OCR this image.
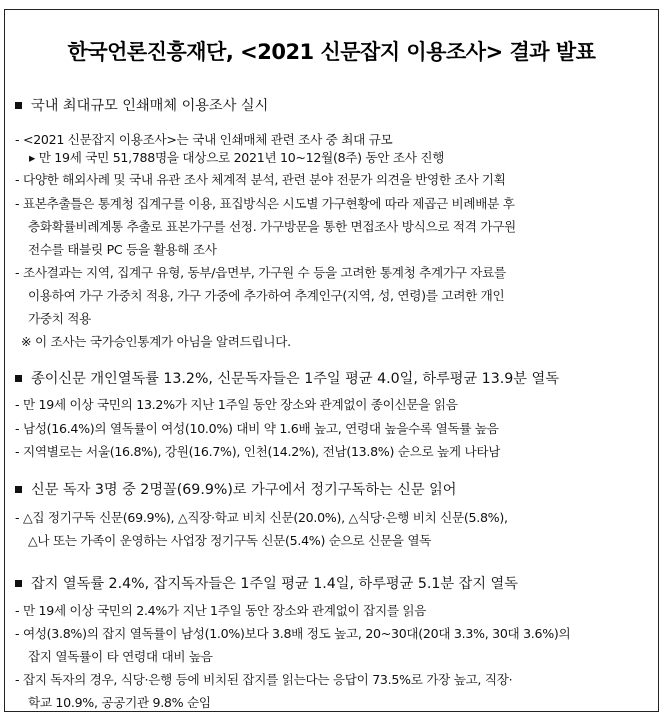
한국언론진흥재단, <2021 신문잡지 이용조사> 결과 발표
국내 최대규모 인쇄매체 이용조사 실시
- <2021 신문잡지 이용조사>는 국내 인쇄매체 관련 조사 중 최대 규모
▸ 만 19세 국민 51,788명을 대상으로 2021년 10~12월(8주) 동안 조사 진행
- 다양한 해외사례 및 국내 유관 조사 체계적 분석, 관련 분야 전문가 의견을 반영한 조사 기획
- 표본추출틀은 통계청 집계구를 이용, 표집방식은 시도별 가구현황에 따라 제곱근 비례배분 후
층화확률비례계통 추출로 표본가구를 선정. 가구방문을 통한 면접조사 방식으로 적격 가구원
전수를 태블릿 PC 등을 활용해 조사
- 조사결과는 지역, 집계구 유형, 동부/읍면부, 가구원 수 등을 고려한 통계청 추계가구 자료를
이용하여 가구 가중치 적용, 가구 가중에 추가하여 추계인구(지역, 성, 연령)를 고려한 개인
가중치 적용
※ 이 조사는 국가승인통계가 아님을 알려드립니다.
종이신문 개인열독률 13.2%, 신문독자들은 1주일 평균 4.0일, 하루평균 13.9분 열독
- 만 19세 이상 국민의 13.2%가 지난 1주일 동안 장소와 관계없이 종이신문을 읽음
- 남성(16.4%)의 열독률이 여성(10.0%) 대비 약 1.6배 높고, 연령대 높을수록 열독률 높음
- 지역별로는 서울(16.8%), 강원(16.7%), 인천(14.2%), 전남(13.8%) 순으로 높게 나타남
신문 독자 3명 중 2명꼴(69.9%)로 가구에서 정기구독하는 신문 읽어
- △집 정기구독 신문(69.9%), △직장·학교 비치 신문(20.0%), △식당·은행 비치 신문(5.8%),
△나 또는 가족이 운영하는 사업장 정기구독 신문(5.4%) 순으로 신문을 열독
잡지 열독률 2.4%, 잡지독자들은 1주일 평균 1.4일, 하루평균 5.1분 잡지 열독
- 만 19세 이상 국민의 2.4%가 지난 1주일 동안 장소와 관계없이 잡지를 읽음
- 여성(3.8%)의 잡지 열독률이 남성(1.0%)보다 3.8배 정도 높고, 20~30대(20대 3.3%, 30대 3.6%)의
잡지 열독률이 타 연령대 대비 높음
- 잡지 독자의 경우, 식당·은행 등에 비치된 잡지를 읽는다는 응답이 73.5%로 가장 높고, 직장·
학교 10.9%, 공공기관 9.8% 순임
